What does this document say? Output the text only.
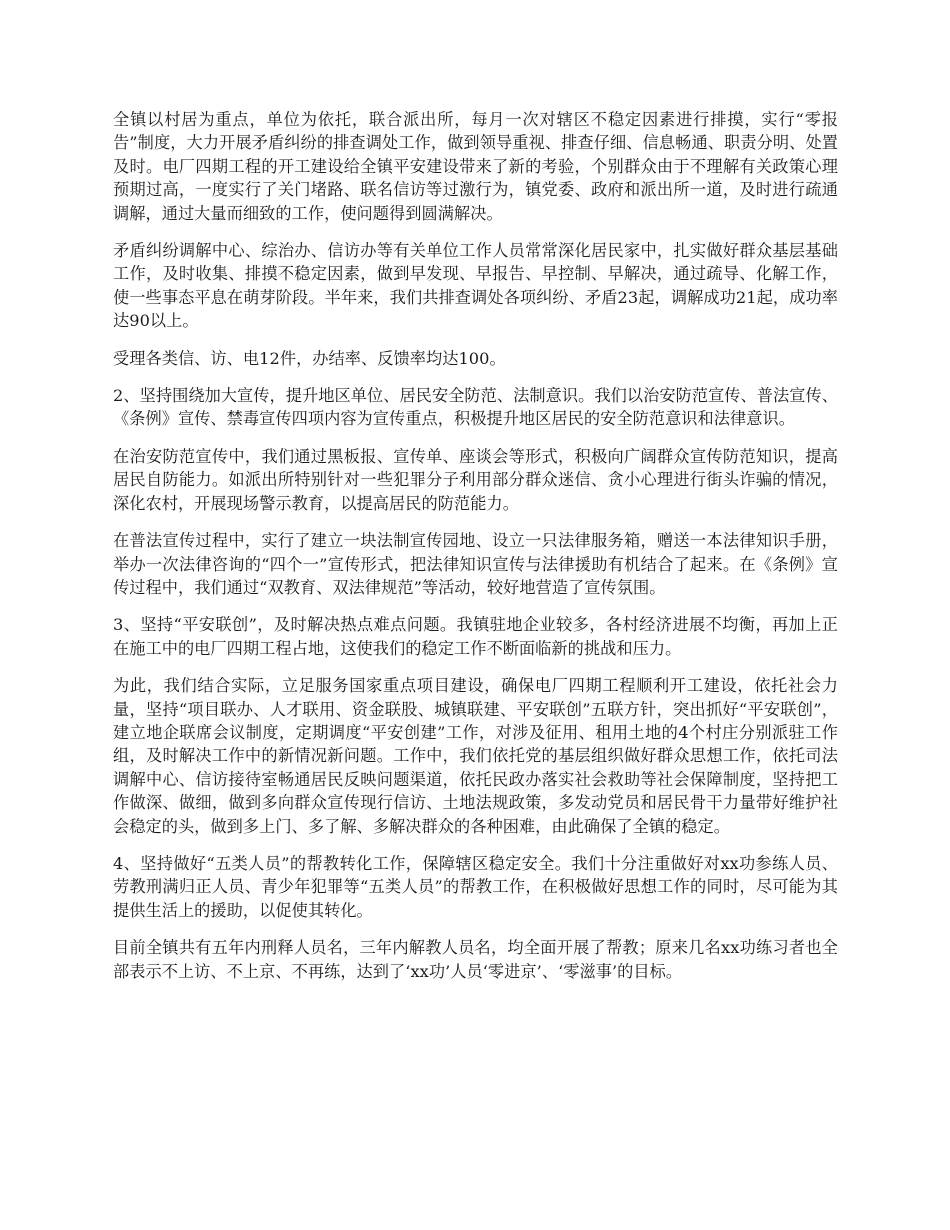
全镇以村居为重点，单位为依托，联合派出所，每月一次对辖区不稳定因素进行排摸，实行“零报告”制度，大力开展矛盾纠纷的排查调处工作，做到领导重视、排查仔细、信息畅通、职责分明、处置及时。电厂四期工程的开工建设给全镇平安建设带来了新的考验，个别群众由于不理解有关政策心理预期过高，一度实行了关门堵路、联名信访等过激行为，镇党委、政府和派出所一道，及时进行疏通调解，通过大量而细致的工作，使问题得到圆满解决。

矛盾纠纷调解中心、综治办、信访办等有关单位工作人员常常深化居民家中，扎实做好群众基层基础工作，及时收集、排摸不稳定因素，做到早发现、早报告、早控制、早解决，通过疏导、化解工作，使一些事态平息在萌芽阶段。半年来，我们共排查调处各项纠纷、矛盾23起，调解成功21起，成功率达90以上。

受理各类信、访、电12件，办结率、反馈率均达100。

2、坚持围绕加大宣传，提升地区单位、居民安全防范、法制意识。我们以治安防范宣传、普法宣传、《条例》宣传、禁毒宣传四项内容为宣传重点，积极提升地区居民的安全防范意识和法律意识。

在治安防范宣传中，我们通过黑板报、宣传单、座谈会等形式，积极向广阔群众宣传防范知识，提高居民自防能力。如派出所特别针对一些犯罪分子利用部分群众迷信、贪小心理进行街头诈骗的情况，深化农村，开展现场警示教育，以提高居民的防范能力。

在普法宣传过程中，实行了建立一块法制宣传园地、设立一只法律服务箱，赠送一本法律知识手册，举办一次法律咨询的“四个一”宣传形式，把法律知识宣传与法律援助有机结合了起来。在《条例》宣传过程中，我们通过“双教育、双法律规范”等活动，较好地营造了宣传氛围。

3、坚持“平安联创”，及时解决热点难点问题。我镇驻地企业较多，各村经济进展不均衡，再加上正在施工中的电厂四期工程占地，这使我们的稳定工作不断面临新的挑战和压力。

为此，我们结合实际，立足服务国家重点项目建设，确保电厂四期工程顺利开工建设，依托社会力量，坚持“项目联办、人才联用、资金联股、城镇联建、平安联创”五联方针，突出抓好“平安联创”，建立地企联席会议制度，定期调度“平安创建”工作，对涉及征用、租用土地的4个村庄分别派驻工作组，及时解决工作中的新情况新问题。工作中，我们依托党的基层组织做好群众思想工作，依托司法调解中心、信访接待室畅通居民反映问题渠道，依托民政办落实社会救助等社会保障制度，坚持把工作做深、做细，做到多向群众宣传现行信访、土地法规政策，多发动党员和居民骨干力量带好维护社会稳定的头，做到多上门、多了解、多解决群众的各种困难，由此确保了全镇的稳定。

4、坚持做好“五类人员”的帮教转化工作，保障辖区稳定安全。我们十分注重做好对xx功参练人员、劳教刑满归正人员、青少年犯罪等“五类人员”的帮教工作，在积极做好思想工作的同时，尽可能为其提供生活上的援助，以促使其转化。

目前全镇共有五年内刑释人员名，三年内解教人员名，均全面开展了帮教；原来几名xx功练习者也全部表示不上访、不上京、不再练，达到了‘xx功’人员‘零进京’、‘零滋事’的目标。
